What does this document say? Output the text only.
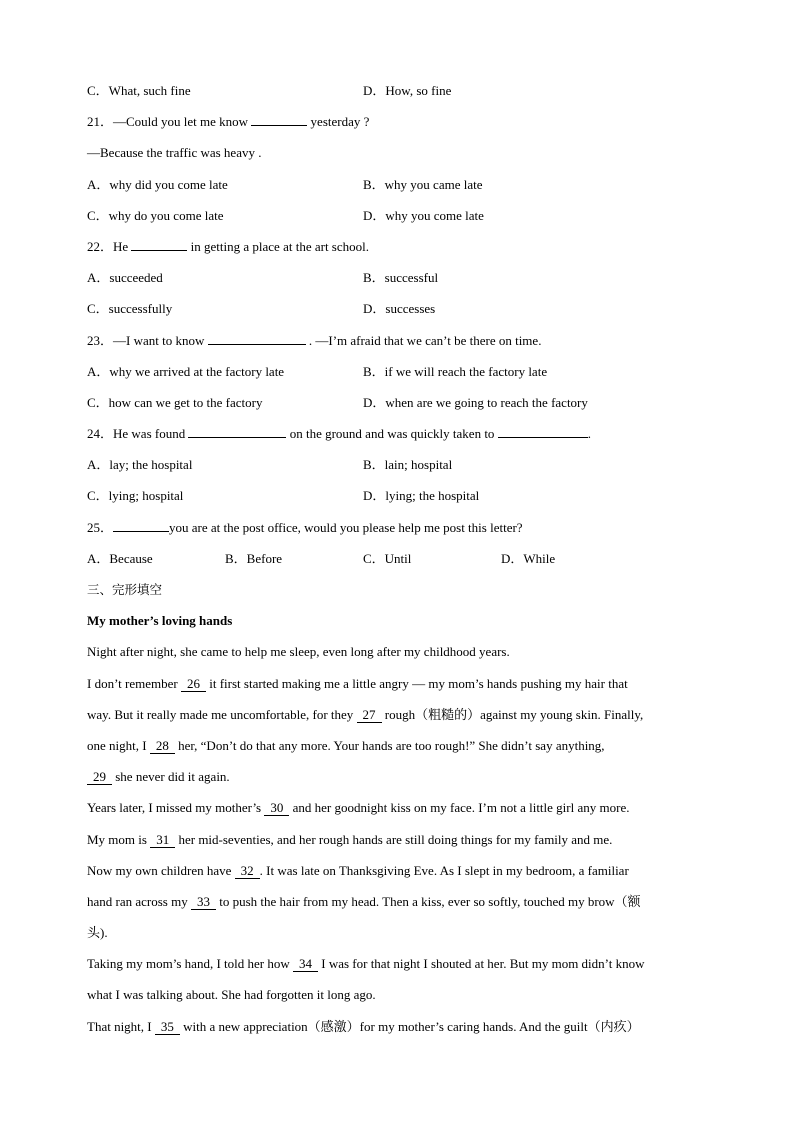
C．What, such fine	D．How, so fine
21．—Could you let me know	yesterday ?
—Because the traffic was heavy .
A．why did you come late	B．why you came late
C．why do you come late	D．why you come late
22．He	in getting a place at the art school.
A．succeeded	B．successful
C．successfully	D．successes
23．—I want to know	. —I’m afraid that we can’t be there on time.
A．why we arrived at the factory late	B．if we will reach the factory late
C．how can we get to the factory	D．when are we going to reach the factory
24．He was found	on the ground and was quickly taken to	.
A．lay; the hospital	B．lain; hospital
C．lying; hospital	D．lying; the hospital
25．	you are at the post office, would you please help me post this letter?
A．Because	B．Before	C．Until	D．While
三、完形填空
My mother’s loving hands
Night after night, she came to help me sleep, even long after my childhood years.
I don’t remember 26 it first started making me a little angry — my mom’s hands pushing my hair that
way. But it really made me uncomfortable, for they 27 rough（粗糙的）against my young skin. Finally,
one night, I 28 her, “Don’t do that any more. Your hands are too rough!” She didn’t say anything,
29 she never did it again.
Years later, I missed my mother’s 30 and her goodnight kiss on my face. I’m not a little girl any more.
My mom is 31 her mid-seventies, and her rough hands are still doing things for my family and me.
Now my own children have 32 . It was late on Thanksgiving Eve. As I slept in my bedroom, a familiar
hand ran across my 33 to push the hair from my head. Then a kiss, ever so softly, touched my brow（额
头).
Taking my mom’s hand, I told her how 34 I was for that night I shouted at her. But my mom didn’t know
what I was talking about. She had forgotten it long ago.
That night, I 35 with a new appreciation（感激）for my mother’s caring hands. And the guilt（内疚）
